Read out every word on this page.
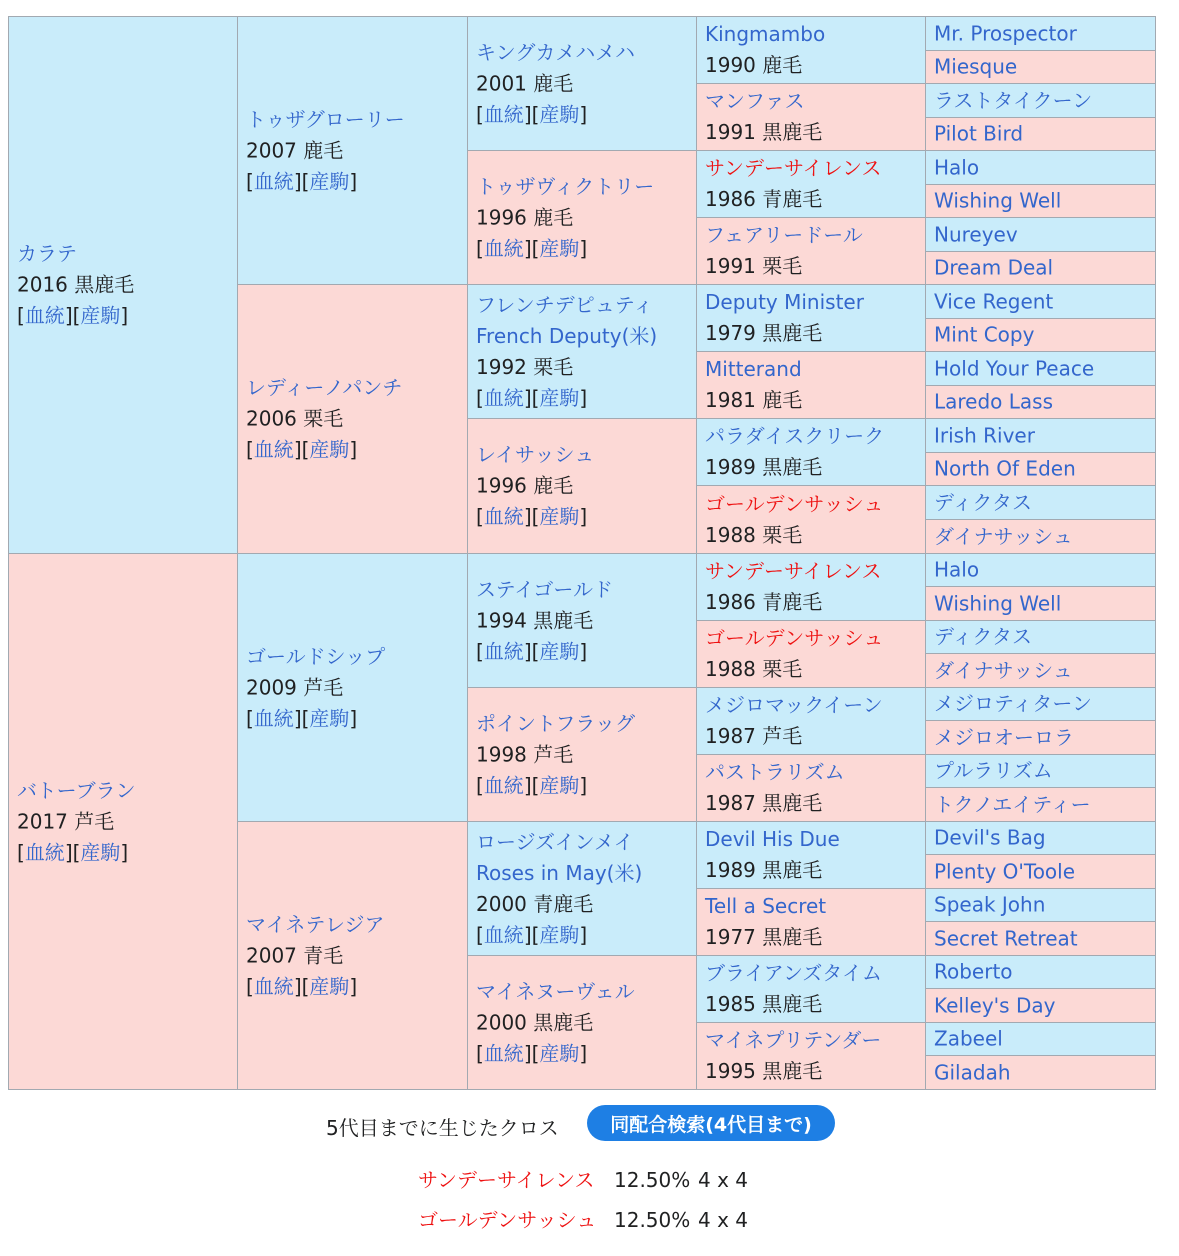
カラテ
2016 黒鹿毛
[血統][産駒]
バトーブラン
2017 芦毛
[血統][産駒]
トゥザグローリー
2007 鹿毛
[血統][産駒]
レディーノパンチ
2006 栗毛
[血統][産駒]
ゴールドシップ
2009 芦毛
[血統][産駒]
マイネテレジア
2007 青毛
[血統][産駒]
キングカメハメハ
2001 鹿毛
[血統][産駒]
トゥザヴィクトリー
1996 鹿毛
[血統][産駒]
フレンチデピュティ
French Deputy(米)
1992 栗毛
[血統][産駒]
レイサッシュ
1996 鹿毛
[血統][産駒]
ステイゴールド
1994 黒鹿毛
[血統][産駒]
ポイントフラッグ
1998 芦毛
[血統][産駒]
ロージズインメイ
Roses in May(米)
2000 青鹿毛
[血統][産駒]
マイネヌーヴェル
2000 黒鹿毛
[血統][産駒]
Kingmambo
1990 鹿毛
マンファス
1991 黒鹿毛
サンデーサイレンス
1986 青鹿毛
フェアリードール
1991 栗毛
Deputy Minister
1979 黒鹿毛
Mitterand
1981 鹿毛
パラダイスクリーク
1989 黒鹿毛
ゴールデンサッシュ
1988 栗毛
サンデーサイレンス
1986 青鹿毛
ゴールデンサッシュ
1988 栗毛
メジロマックイーン
1987 芦毛
パストラリズム
1987 黒鹿毛
Devil His Due
1989 黒鹿毛
Tell a Secret
1977 黒鹿毛
ブライアンズタイム
1985 黒鹿毛
マイネプリテンダー
1995 黒鹿毛
Mr. Prospector
Miesque
ラストタイクーン
Pilot Bird
Halo
Wishing Well
Nureyev
Dream Deal
Vice Regent
Mint Copy
Hold Your Peace
Laredo Lass
Irish River
North Of Eden
ディクタス
ダイナサッシュ
Halo
Wishing Well
ディクタス
ダイナサッシュ
メジロティターン
メジロオーロラ
プルラリズム
トクノエイティー
Devil's Bag
Plenty O'Toole
Speak John
Secret Retreat
Roberto
Kelley's Day
Zabeel
Giladah
5代目までに生じたクロス	同配合検索(4代目まで)
サンデーサイレンス 12.50% 4 x 4
ゴールデンサッシュ 12.50% 4 x 4
